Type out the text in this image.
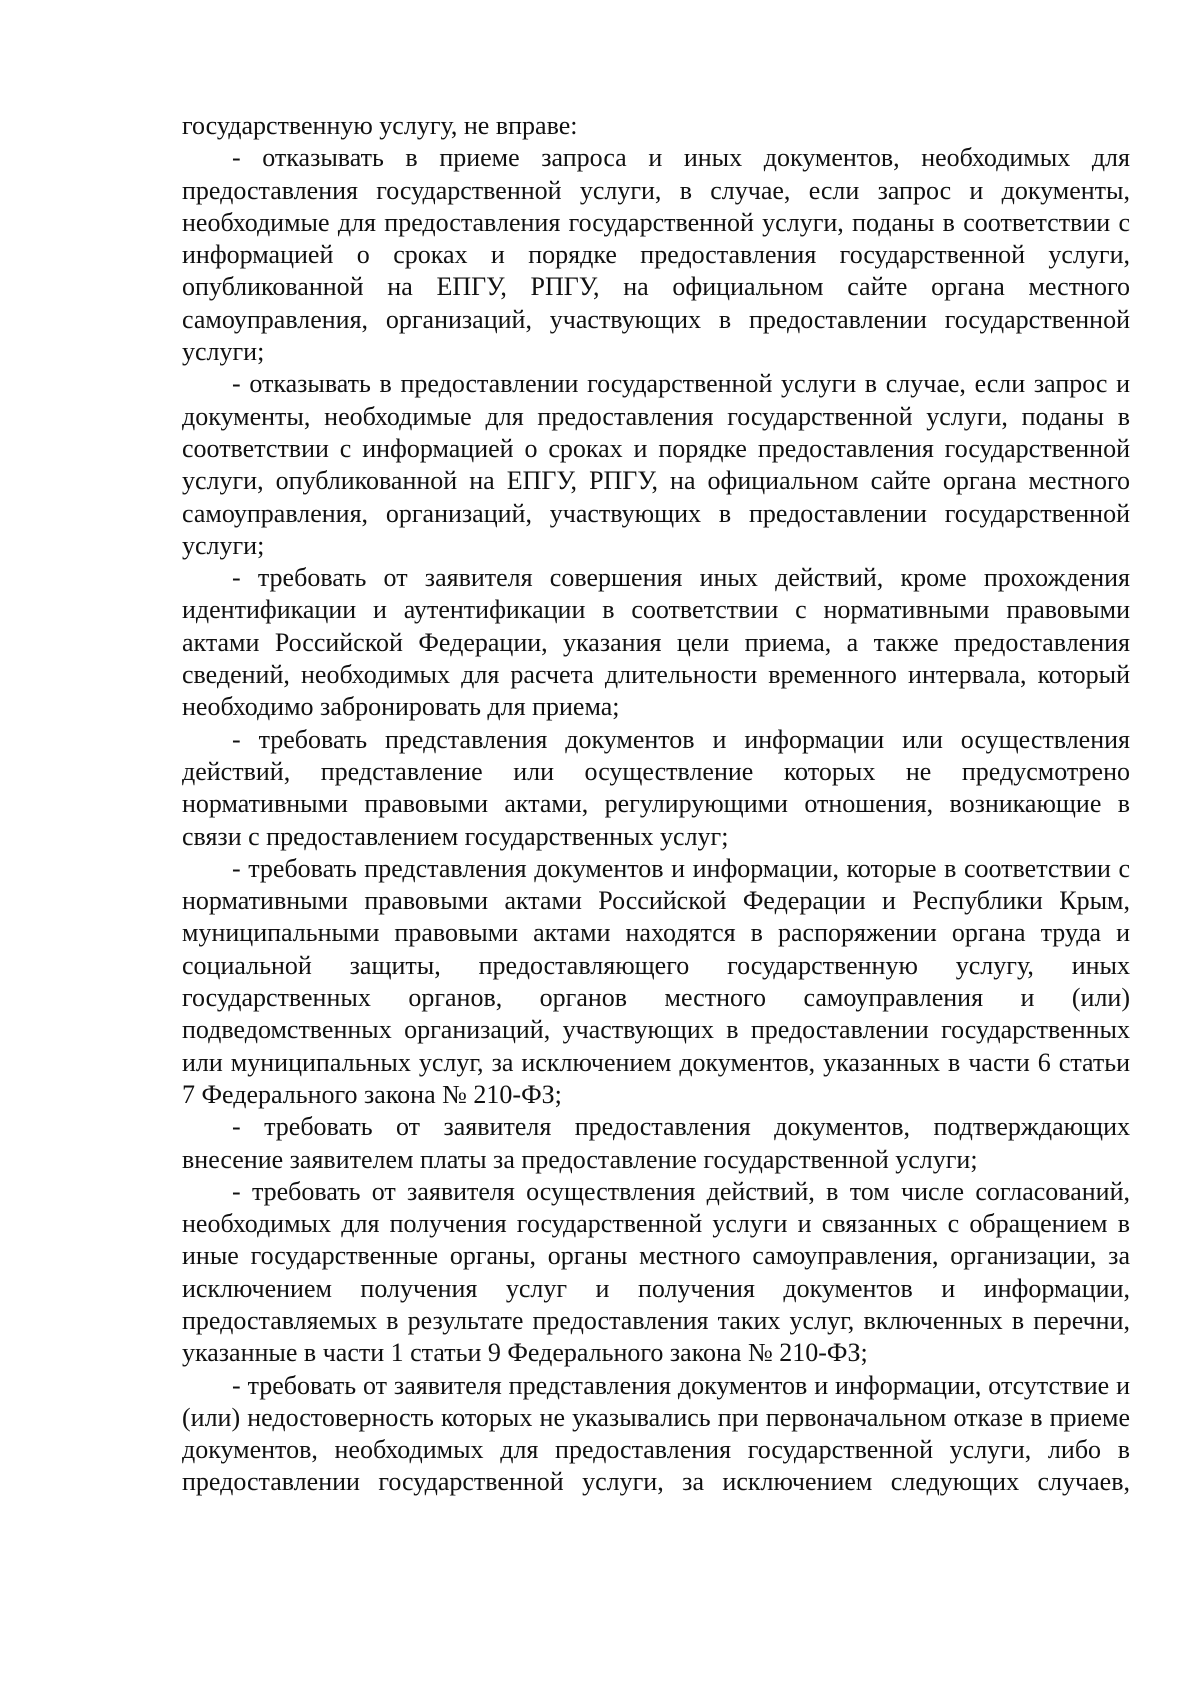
государственную услугу, не вправе:

- отказывать в приеме запроса и иных документов, необходимых для предоставления государственной услуги, в случае, если запрос и документы, необходимые для предоставления государственной услуги, поданы в соответствии с информацией о сроках и порядке предоставления государственной услуги, опубликованной на ЕПГУ, РПГУ, на официальном сайте органа местного самоуправления, организаций, участвующих в предоставлении государственной услуги;

- отказывать в предоставлении государственной услуги в случае, если запрос и документы, необходимые для предоставления государственной услуги, поданы в соответствии с информацией о сроках и порядке предоставления государственной услуги, опубликованной на ЕПГУ, РПГУ, на официальном сайте органа местного самоуправления, организаций, участвующих в предоставлении государственной услуги;

- требовать от заявителя совершения иных действий, кроме прохождения идентификации и аутентификации в соответствии с нормативными правовыми актами Российской Федерации, указания цели приема, а также предоставления сведений, необходимых для расчета длительности временного интервала, который необходимо забронировать для приема;

- требовать представления документов и информации или осуществления действий, представление или осуществление которых не предусмотрено нормативными правовыми актами, регулирующими отношения, возникающие в связи с предоставлением государственных услуг;

- требовать представления документов и информации, которые в соответствии с нормативными правовыми актами Российской Федерации и Республики Крым, муниципальными правовыми актами находятся в распоряжении органа труда и социальной защиты, предоставляющего государственную услугу, иных государственных органов, органов местного самоуправления и (или) подведомственных организаций, участвующих в предоставлении государственных или муниципальных услуг, за исключением документов, указанных в части 6 статьи 7 Федерального закона № 210-ФЗ;

- требовать от заявителя предоставления документов, подтверждающих внесение заявителем платы за предоставление государственной услуги;

- требовать от заявителя осуществления действий, в том числе согласований, необходимых для получения государственной услуги и связанных с обращением в иные государственные органы, органы местного самоуправления, организации, за исключением получения услуг и получения документов и информации, предоставляемых в результате предоставления таких услуг, включенных в перечни, указанные в части 1 статьи 9 Федерального закона № 210-ФЗ;

- требовать от заявителя представления документов и информации, отсутствие и (или) недостоверность которых не указывались при первоначальном отказе в приеме документов, необходимых для предоставления государственной услуги, либо в предоставлении государственной услуги, за исключением следующих случаев,
